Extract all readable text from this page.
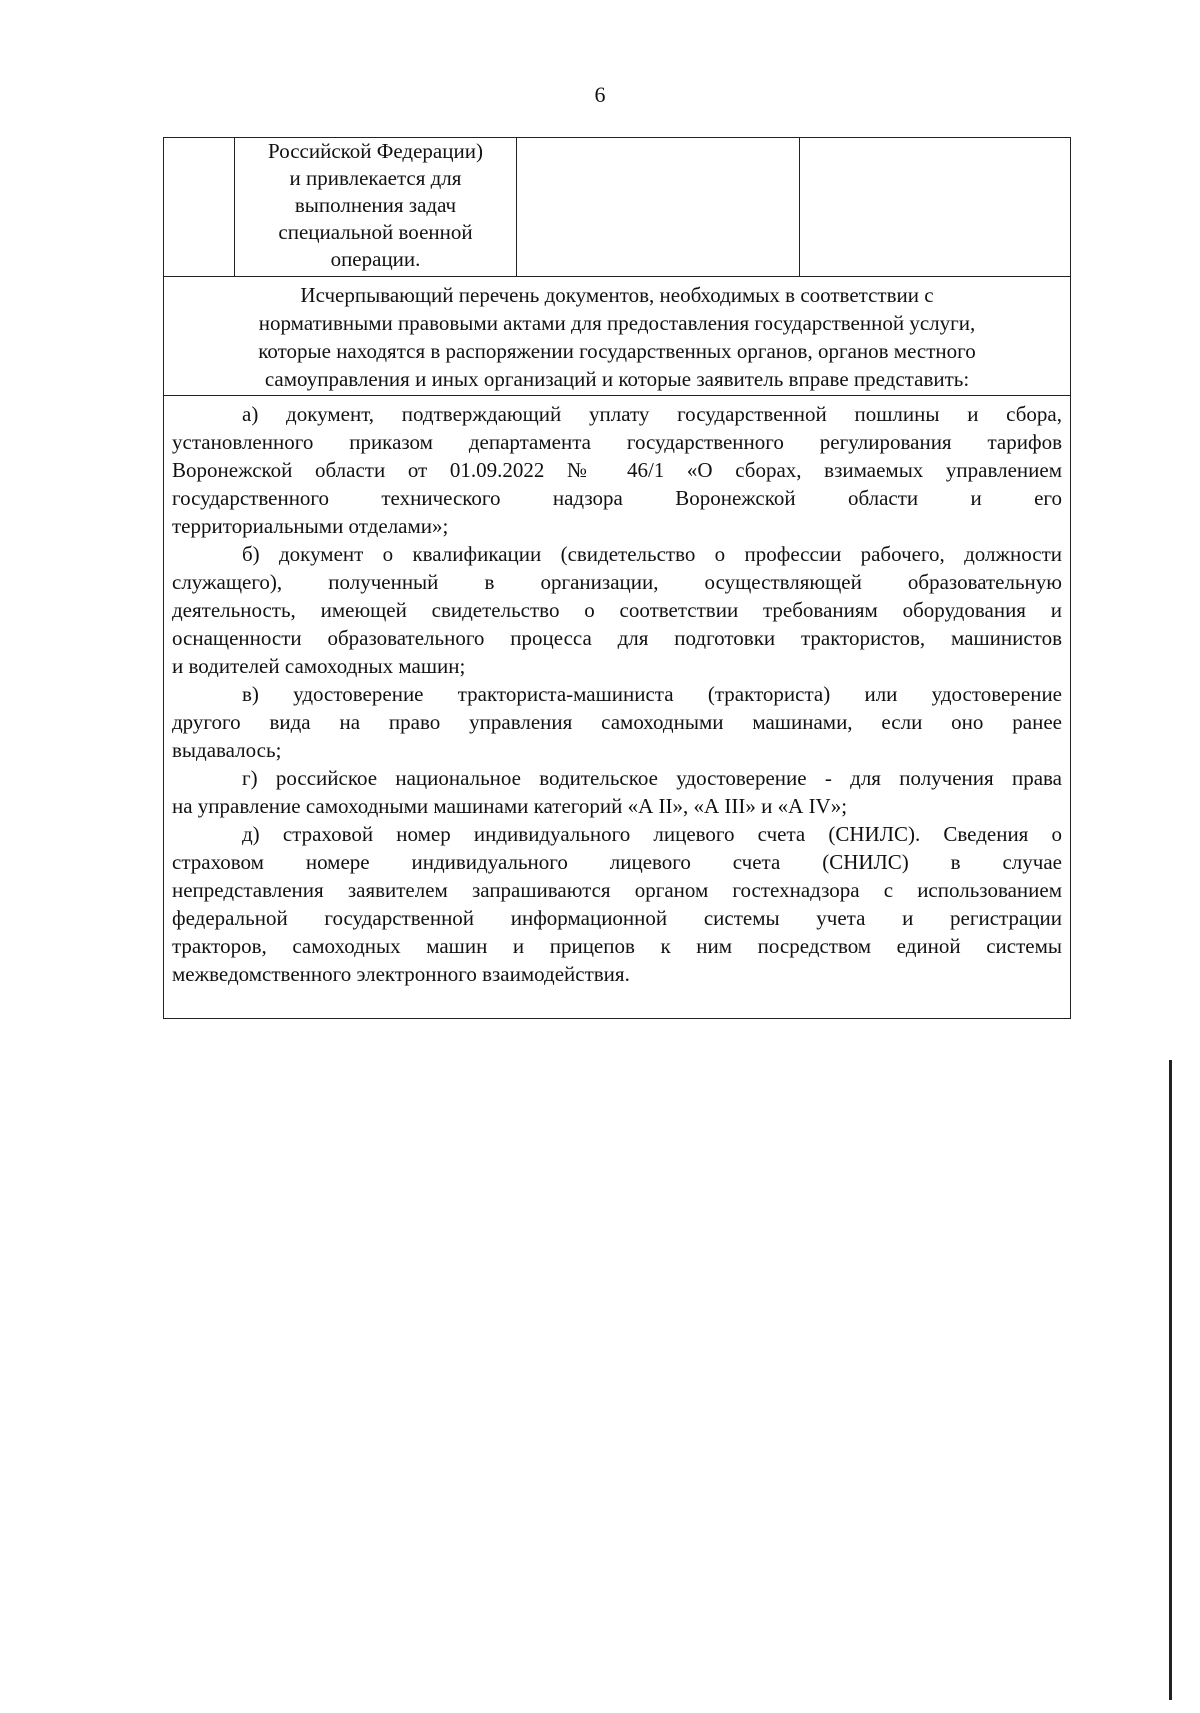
6
Российской Федерации)
и привлекается для
выполнения задач
специальной военной
операции.
Исчерпывающий перечень документов, необходимых в соответствии с
нормативными правовыми актами для предоставления государственной услуги,
которые находятся в распоряжении государственных органов, органов местного
самоуправления и иных организаций и которые заявитель вправе представить:
а) документ, подтверждающий уплату государственной пошлины и сбора,
установленного приказом департамента государственного регулирования тарифов
Воронежской области от 01.09.2022 № 46/1 «О сборах, взимаемых управлением
государственного технического надзора Воронежской области и его
территориальными отделами»;
б) документ о квалификации (свидетельство о профессии рабочего, должности
служащего), полученный в организации, осуществляющей образовательную
деятельность, имеющей свидетельство о соответствии требованиям оборудования и
оснащенности образовательного процесса для подготовки трактористов, машинистов
и водителей самоходных машин;
в) удостоверение тракториста-машиниста (тракториста) или удостоверение
другого вида на право управления самоходными машинами, если оно ранее
выдавалось;
г) российское национальное водительское удостоверение - для получения права
на управление самоходными машинами категорий «А II», «А III» и «А IV»;
д) страховой номер индивидуального лицевого счета (СНИЛС). Сведения о
страховом номере индивидуального лицевого счета (СНИЛС) в случае
непредставления заявителем запрашиваются органом гостехнадзора с использованием
федеральной государственной информационной системы учета и регистрации
тракторов, самоходных машин и прицепов к ним посредством единой системы
межведомственного электронного взаимодействия.
